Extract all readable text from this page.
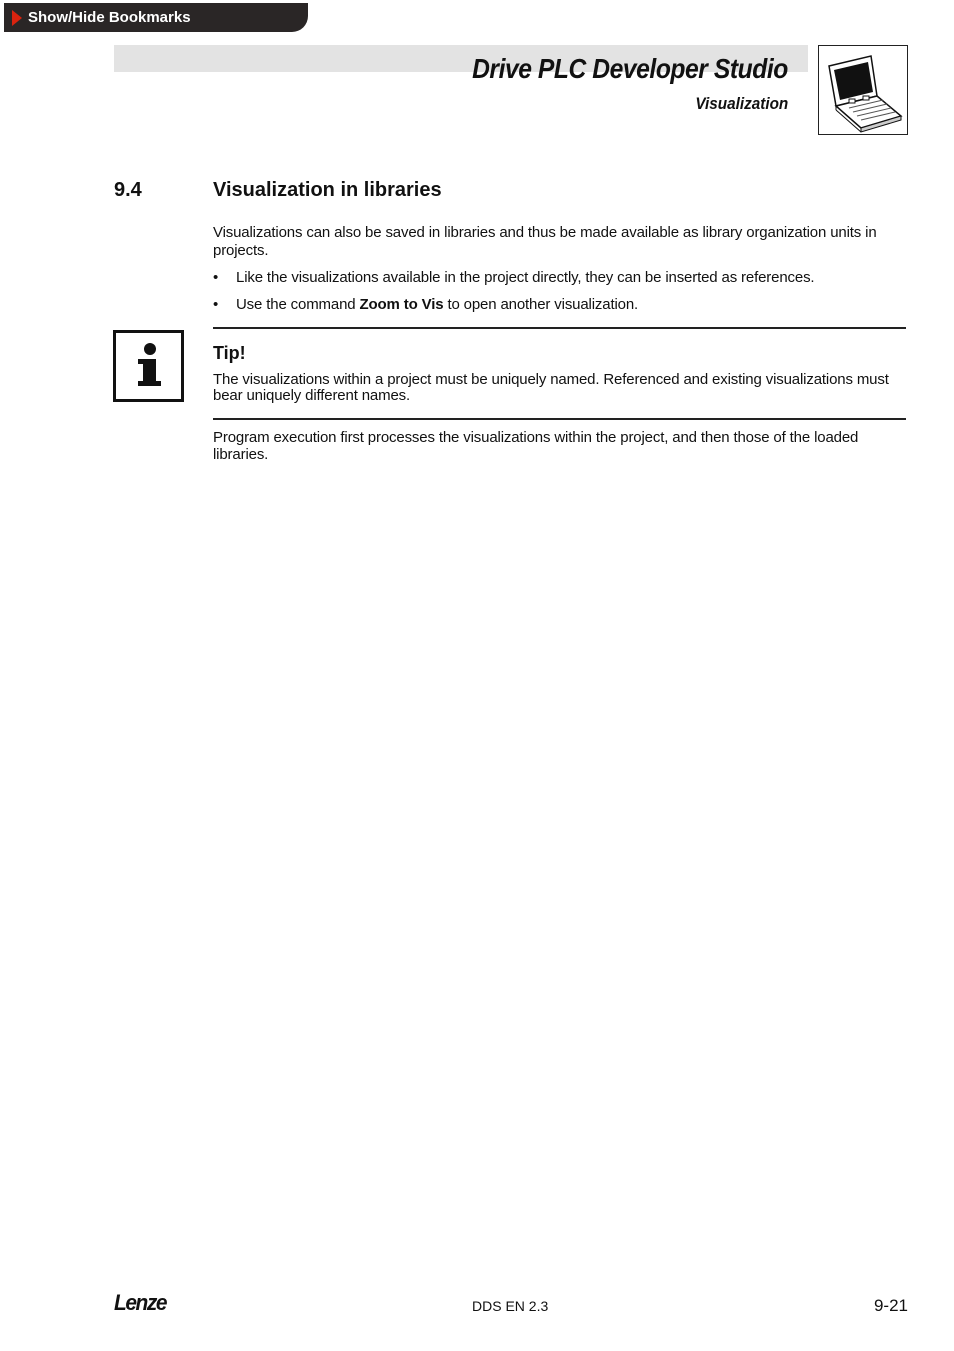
Show/Hide Bookmarks
Drive PLC Developer Studio
Visualization
9.4	Visualization in libraries
Visualizations can also be saved in libraries and thus be made available as library organization units in projects.
• Like the visualizations available in the project directly, they can be inserted as references.
• Use the command Zoom to Vis to open another visualization.
Tip!
The visualizations within a project must be uniquely named. Referenced and existing visualizations must bear uniquely different names.
Program execution first processes the visualizations within the project, and then those of the loaded libraries.
Lenze	DDS EN 2.3	9-21
